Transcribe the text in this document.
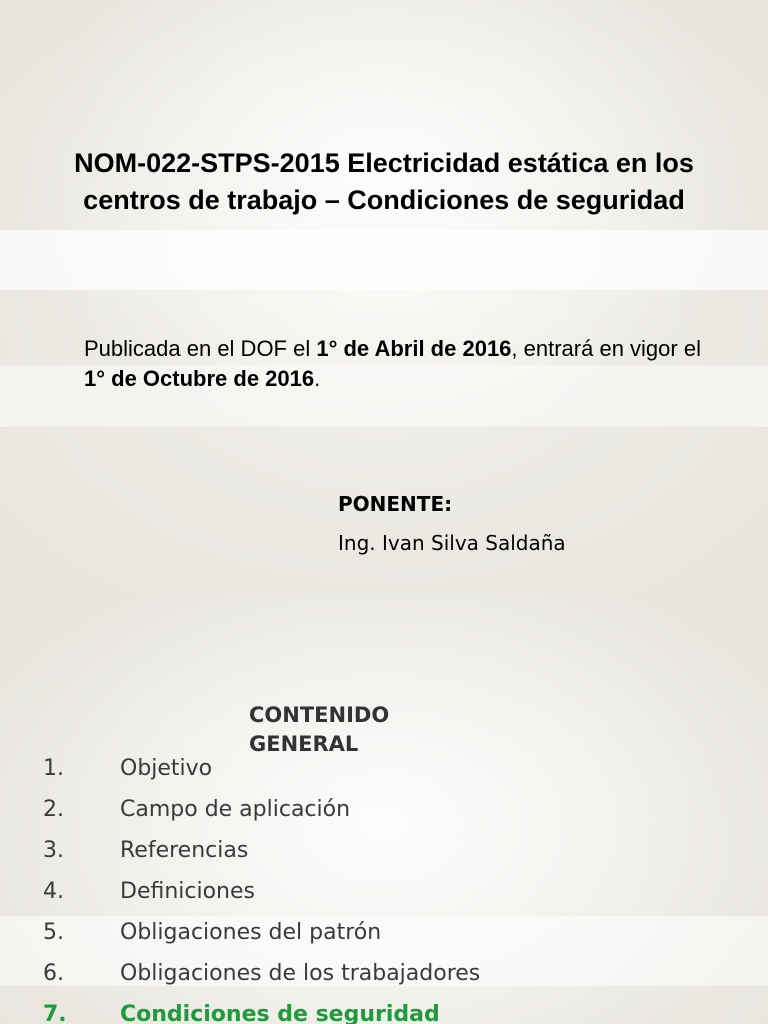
NOM-022-STPS-2015 Electricidad estática en los centros de trabajo – Condiciones de seguridad
Publicada en el DOF el 1° de Abril de 2016, entrará en vigor el 1° de Octubre de 2016.
PONENTE:
Ing. Ivan Silva Saldaña
CONTENIDO GENERAL
1.	Objetivo
2.	Campo de aplicación
3.	Referencias
4.	Definiciones
5.	Obligaciones del patrón
6.	Obligaciones de los trabajadores
7. Condiciones de seguridad
